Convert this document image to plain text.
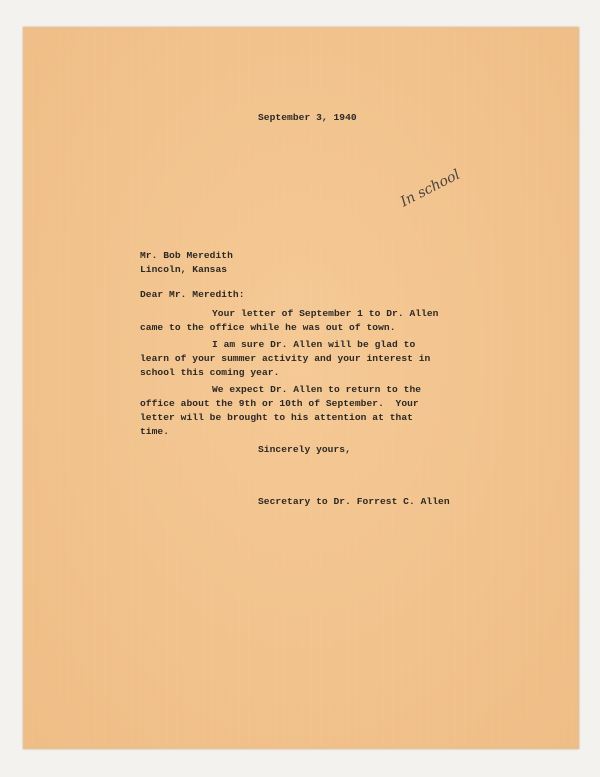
September 3, 1940
In school
Mr. Bob Meredith
Lincoln, Kansas
Dear Mr. Meredith:
Your letter of September 1 to Dr. Allen
came to the office while he was out of town.
I am sure Dr. Allen will be glad to
learn of your summer activity and your interest in
school this coming year.
We expect Dr. Allen to return to the
office about the 9th or 10th of September.  Your
letter will be brought to his attention at that
time.
Sincerely yours,
Secretary to Dr. Forrest C. Allen
